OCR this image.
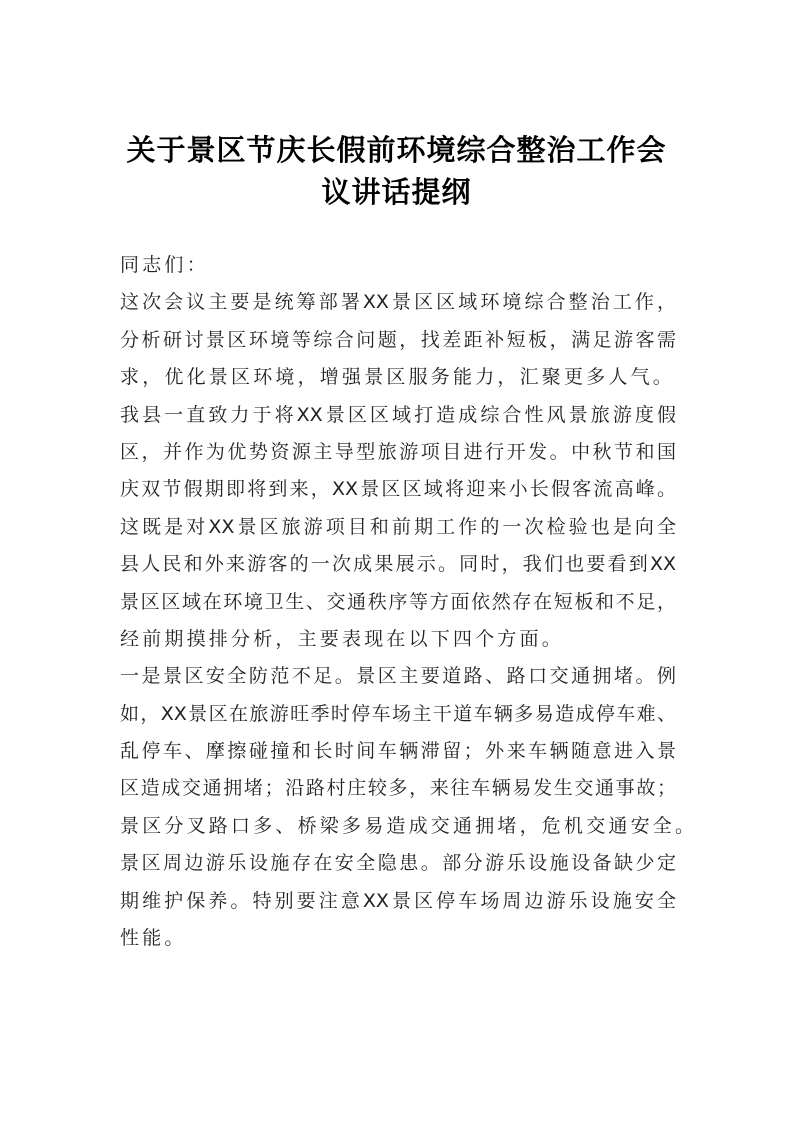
关于景区节庆长假前环境综合整治工作会
议讲话提纲
同志们：
这次会议主要是统筹部署XX景区区域环境综合整治工作，
分析研讨景区环境等综合问题，找差距补短板，满足游客需
求，优化景区环境，增强景区服务能力，汇聚更多人气。
我县一直致力于将XX景区区域打造成综合性风景旅游度假
区，并作为优势资源主导型旅游项目进行开发。中秋节和国
庆双节假期即将到来，XX景区区域将迎来小长假客流高峰。
这既是对XX景区旅游项目和前期工作的一次检验也是向全
县人民和外来游客的一次成果展示。同时，我们也要看到XX
景区区域在环境卫生、交通秩序等方面依然存在短板和不足，
经前期摸排分析，主要表现在以下四个方面。
一是景区安全防范不足。景区主要道路、路口交通拥堵。例
如，XX景区在旅游旺季时停车场主干道车辆多易造成停车难、
乱停车、摩擦碰撞和长时间车辆滞留；外来车辆随意进入景
区造成交通拥堵；沿路村庄较多，来往车辆易发生交通事故；
景区分叉路口多、桥梁多易造成交通拥堵，危机交通安全。
景区周边游乐设施存在安全隐患。部分游乐设施设备缺少定
期维护保养。特别要注意XX景区停车场周边游乐设施安全
性能。
